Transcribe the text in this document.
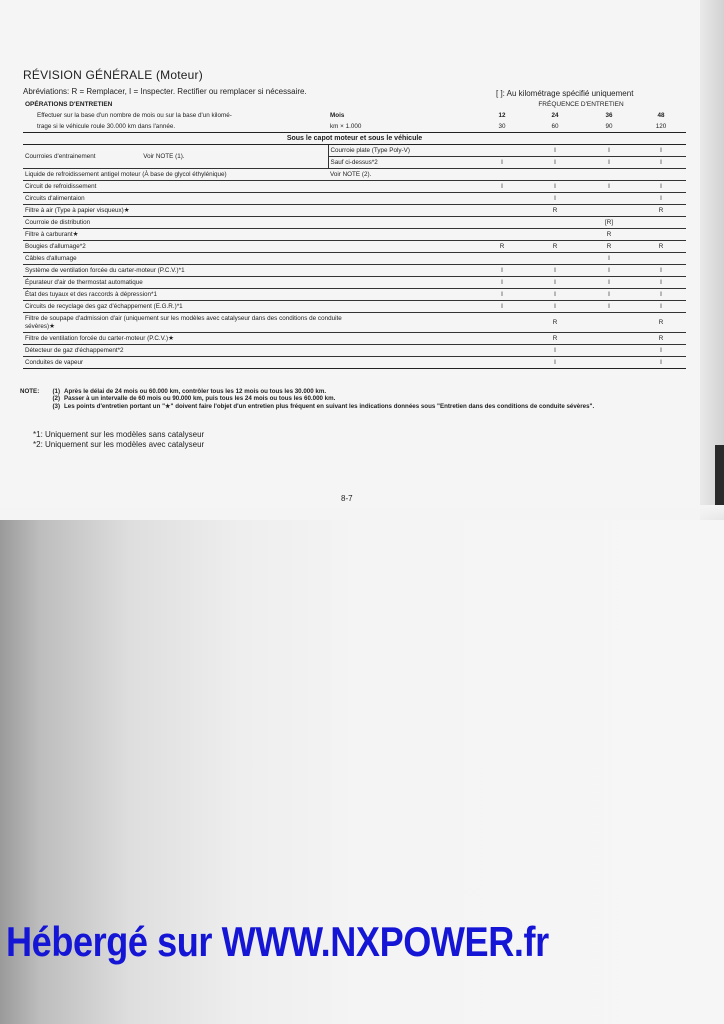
RÉVISION GÉNÉRALE (Moteur)
Abréviations: R = Remplacer, I = Inspecter. Rectifier ou remplacer si nécessaire.	[ ]: Au kilométrage spécifié uniquement
OPÉRATIONS D'ENTRETIEN		FRÉQUENCE D'ENTRETIEN			
Effectuer sur la base d'un nombre de mois ou sur la base d'un kilomé-	Mois	12	24	36	48
trage si le véhicule roule 30.000 km dans l'année.	km × 1.000	30	60	90	120
Sous le capot moteur et sous le véhicule					
Courroies d'entrainement Voir NOTE (1).	Courroie plate (Type Poly-V)		I	I	I
	Sauf ci-dessus*2	I	I	I	I
Liquide de refroidissement antigel moteur (À base de glycol éthylénique)	Voir NOTE (2).				
Circuit de refroidissement		I	I	I	I
Circuits d'alimentaion			I		I
Filtre à air (Type à papier visqueux)★			R		R
Courroie de distribution				[R]	
Filtre à carburant★				R	
Bougies d'allumage*2		R	R	R	R
Câbles d'allumage				I	
Système de ventilation forcée du carter-moteur (P.C.V.)*1		I	I	I	I
Épurateur d'air de thermostat automatique		I	I	I	I
État des tuyaux et des raccords à dépression*1		I	I	I	I
Circuits de recyclage des gaz d'échappement (E.G.R.)*1		I	I	I	I
Filtre de soupape d'admission d'air (uniquement sur les modèles avec catalyseur dans des conditions de conduite
sévères)★			R		R
Filtre de ventilation forcée du carter-moteur (P.C.V.)★			R		R
Détecteur de gaz d'échappement*2			I		I
Conduites de vapeur			I		I
NOTE:	(1) Après le délai de 24 mois ou 60.000 km, contrôler tous les 12 mois ou tous les 30.000 km.
(2) Passer à un intervalle de 60 mois ou 90.000 km, puis tous les 24 mois ou tous les 60.000 km.
(3) Les points d'entretien portant un "★" doivent faire l'objet d'un entretien plus fréquent en suivant les indications données sous "Entretien dans des conditions de conduite sévères".
*1: Uniquement sur les modèles sans catalyseur
*2: Uniquement sur les modèles avec catalyseur
8-7
Hébergé sur WWW.NXPOWER.fr
